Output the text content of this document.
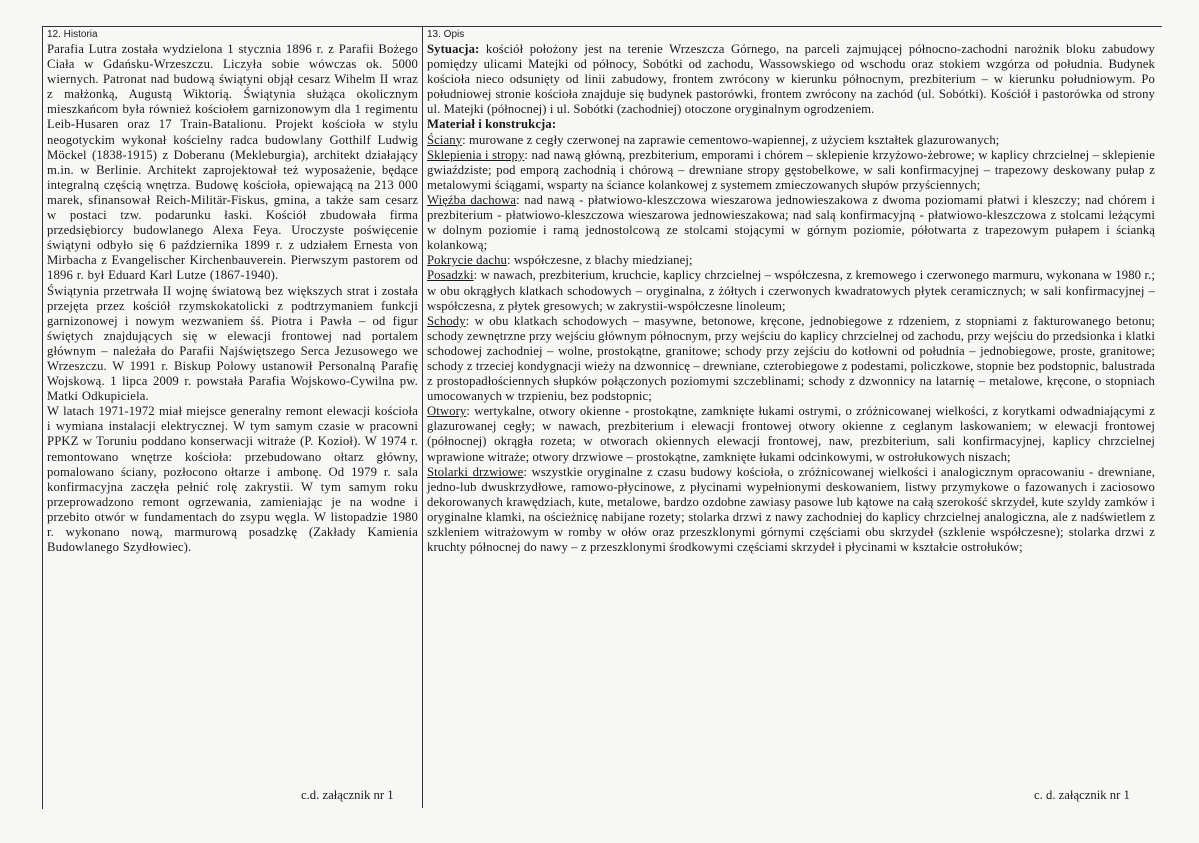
12. Historia

Parafia Lutra została wydzielona 1 stycznia 1896 r. z Parafii Bożego Ciała w Gdańsku-Wrzeszczu. Liczyła sobie wówczas ok. 5000 wiernych. Patronat nad budową świątyni objął cesarz Wihelm II wraz z małżonką, Augustą Wiktorią. Świątynia służąca okolicznym mieszkańcom była również kościołem garnizonowym dla 1 regimentu Leib-Husaren oraz 17 Train-Batalionu. Projekt kościoła w stylu neogotyckim wykonał kościelny radca budowlany Gotthilf Ludwig Möckel (1838-1915) z Doberanu (Mekleburgia), architekt działający m.in. w Berlinie. Architekt zaprojektował też wyposażenie, będące integralną częścią wnętrza. Budowę kościoła, opiewającą na 213 000 marek, sfinansował Reich-Militär-Fiskus, gmina, a także sam cesarz w postaci tzw. podarunku łaski. Kościół zbudowała firma przedsiębiorcy budowlanego Alexa Feya. Uroczyste poświęcenie świątyni odbyło się 6 października 1899 r. z udziałem Ernesta von Mirbacha z Evangelischer Kirchenbauverein. Pierwszym pastorem od 1896 r. był Eduard Karl Lutze (1867-1940).

Świątynia przetrwała II wojnę światową bez większych strat i została przejęta przez kościół rzymskokatolicki z podtrzymaniem funkcji garnizonowej i nowym wezwaniem śś. Piotra i Pawła – od figur świętych znajdujących się w elewacji frontowej nad portalem głównym – należała do Parafii Najświętszego Serca Jezusowego we Wrzeszczu. W 1991 r. Biskup Polowy ustanowił Personalną Parafię Wojskową. 1 lipca 2009 r. powstała Parafia Wojskowo-Cywilna pw. Matki Odkupiciela.

W latach 1971-1972 miał miejsce generalny remont elewacji kościoła i wymiana instalacji elektrycznej. W tym samym czasie w pracowni PPKZ w Toruniu poddano konserwacji witraże (P. Kozioł). W 1974 r. remontowano wnętrze kościoła: przebudowano ołtarz główny, pomalowano ściany, pozłocono ołtarze i ambonę. Od 1979 r. sala konfirmacyjna zaczęła pełnić rolę zakrystii. W tym samym roku przeprowadzono remont ogrzewania, zamieniając je na wodne i przebito otwór w fundamentach do zsypu węgla. W listopadzie 1980 r. wykonano nową, marmurową posadzkę (Zakłady Kamienia Budowlanego Szydłowiec).

c.d. załącznik nr 1
13. Opis

Sytuacja: kościół położony jest na terenie Wrzeszcza Górnego, na parceli zajmującej północno-zachodni narożnik bloku zabudowy pomiędzy ulicami Matejki od północy, Sobótki od zachodu, Wassowskiego od wschodu oraz stokiem wzgórza od południa. Budynek kościoła nieco odsunięty od linii zabudowy, frontem zwrócony w kierunku północnym, prezbiterium – w kierunku południowym. Po południowej stronie kościoła znajduje się budynek pastorówki, frontem zwrócony na zachód (ul. Sobótki). Kościół i pastorówka od strony ul. Matejki (północnej) i ul. Sobótki (zachodniej) otoczone oryginalnym ogrodzeniem.

Materiał i konstrukcja:

Ściany: murowane z cegły czerwonej na zaprawie cementowo-wapiennej, z użyciem kształtek glazurowanych;

Sklepienia i stropy: nad nawą główną, prezbiterium, emporami i chórem – sklepienie krzyżowo-żebrowe; w kaplicy chrzcielnej – sklepienie gwiaździste; pod emporą zachodnią i chórową – drewniane stropy gęstobelkowe, w sali konfirmacyjnej – trapezowy deskowany pułap z metalowymi ściągami, wsparty na ściance kolankowej z systemem zmieczowanych słupów przyściennych;

Więźba dachowa: nad nawą - płatwiowo-kleszczowa wieszarowa jednowieszakowa z dwoma poziomami płatwi i kleszczy; nad chórem i prezbiterium - płatwiowo-kleszczowa wieszarowa jednowieszakowa; nad salą konfirmacyjną - płatwiowo-kleszczowa z stolcami leżącymi w dolnym poziomie i ramą jednostolcową ze stolcami stojącymi w górnym poziomie, półotwarta z trapezowym pułapem i ścianką kolankową;

Pokrycie dachu: współczesne, z blachy miedzianej;

Posadzki: w nawach, prezbiterium, kruchcie, kaplicy chrzcielnej – współczesna, z kremowego i czerwonego marmuru, wykonana w 1980 r.; w obu okrągłych klatkach schodowych – oryginalna, z żółtych i czerwonych kwadratowych płytek ceramicznych; w sali konfirmacyjnej – współczesna, z płytek gresowych; w zakrystii-współczesne linoleum;

Schody: w obu klatkach schodowych – masywne, betonowe, kręcone, jednobiegowe z rdzeniem, z stopniami z fakturowanego betonu; schody zewnętrzne przy wejściu głównym północnym, przy wejściu do kaplicy chrzcielnej od zachodu, przy wejściu do przedsionka i klatki schodowej zachodniej – wolne, prostokątne, granitowe; schody przy zejściu do kotłowni od południa – jednobiegowe, proste, granitowe; schody z trzeciej kondygnacji wieży na dzwonnicę – drewniane, czterobiegowe z podestami, policzkowe, stopnie bez podstopnic, balustrada z prostopadłościennych słupków połączonych poziomymi szczeblinami; schody z dzwonnicy na latarnię – metalowe, kręcone, o stopniach umocowanych w trzpieniu, bez podstopnic;

Otwory: wertykalne, otwory okienne - prostokątne, zamknięte łukami ostrymi, o zróżnicowanej wielkości, z korytkami odwadniającymi z glazurowanej cegły; w nawach, prezbiterium i elewacji frontowej otwory okienne z ceglanym laskowaniem; w elewacji frontowej (północnej) okrągła rozeta; w otworach okiennych elewacji frontowej, naw, prezbiterium, sali konfirmacyjnej, kaplicy chrzcielnej wprawione witraże; otwory drzwiowe – prostokątne, zamknięte łukami odcinkowymi, w ostrołukowych niszach;

Stolarki drzwiowe: wszystkie oryginalne z czasu budowy kościoła, o zróżnicowanej wielkości i analogicznym opracowaniu - drewniane, jedno-lub dwuskrzydłowe, ramowo-płycinowe, z płycinami wypełnionymi deskowaniem, listwy przymykowe o fazowanych i zaciosowo dekorowanych krawędziach, kute, metalowe, bardzo ozdobne zawiasy pasowe lub kątowe na całą szerokość skrzydeł, kute szyldy zamków i oryginalne klamki, na ościeżnicę nabijane rozety; stolarka drzwi z nawy zachodniej do kaplicy chrzcielnej analogiczna, ale z nadświetlem z szkleniem witrażowym w romby w ołów oraz przeszklonymi górnymi częściami obu skrzydeł (szklenie współczesne); stolarka drzwi z kruchty północnej do nawy – z przeszklonymi środkowymi częściami skrzydeł i płycinami w kształcie ostrołuków;

c. d. załącznik nr 1
